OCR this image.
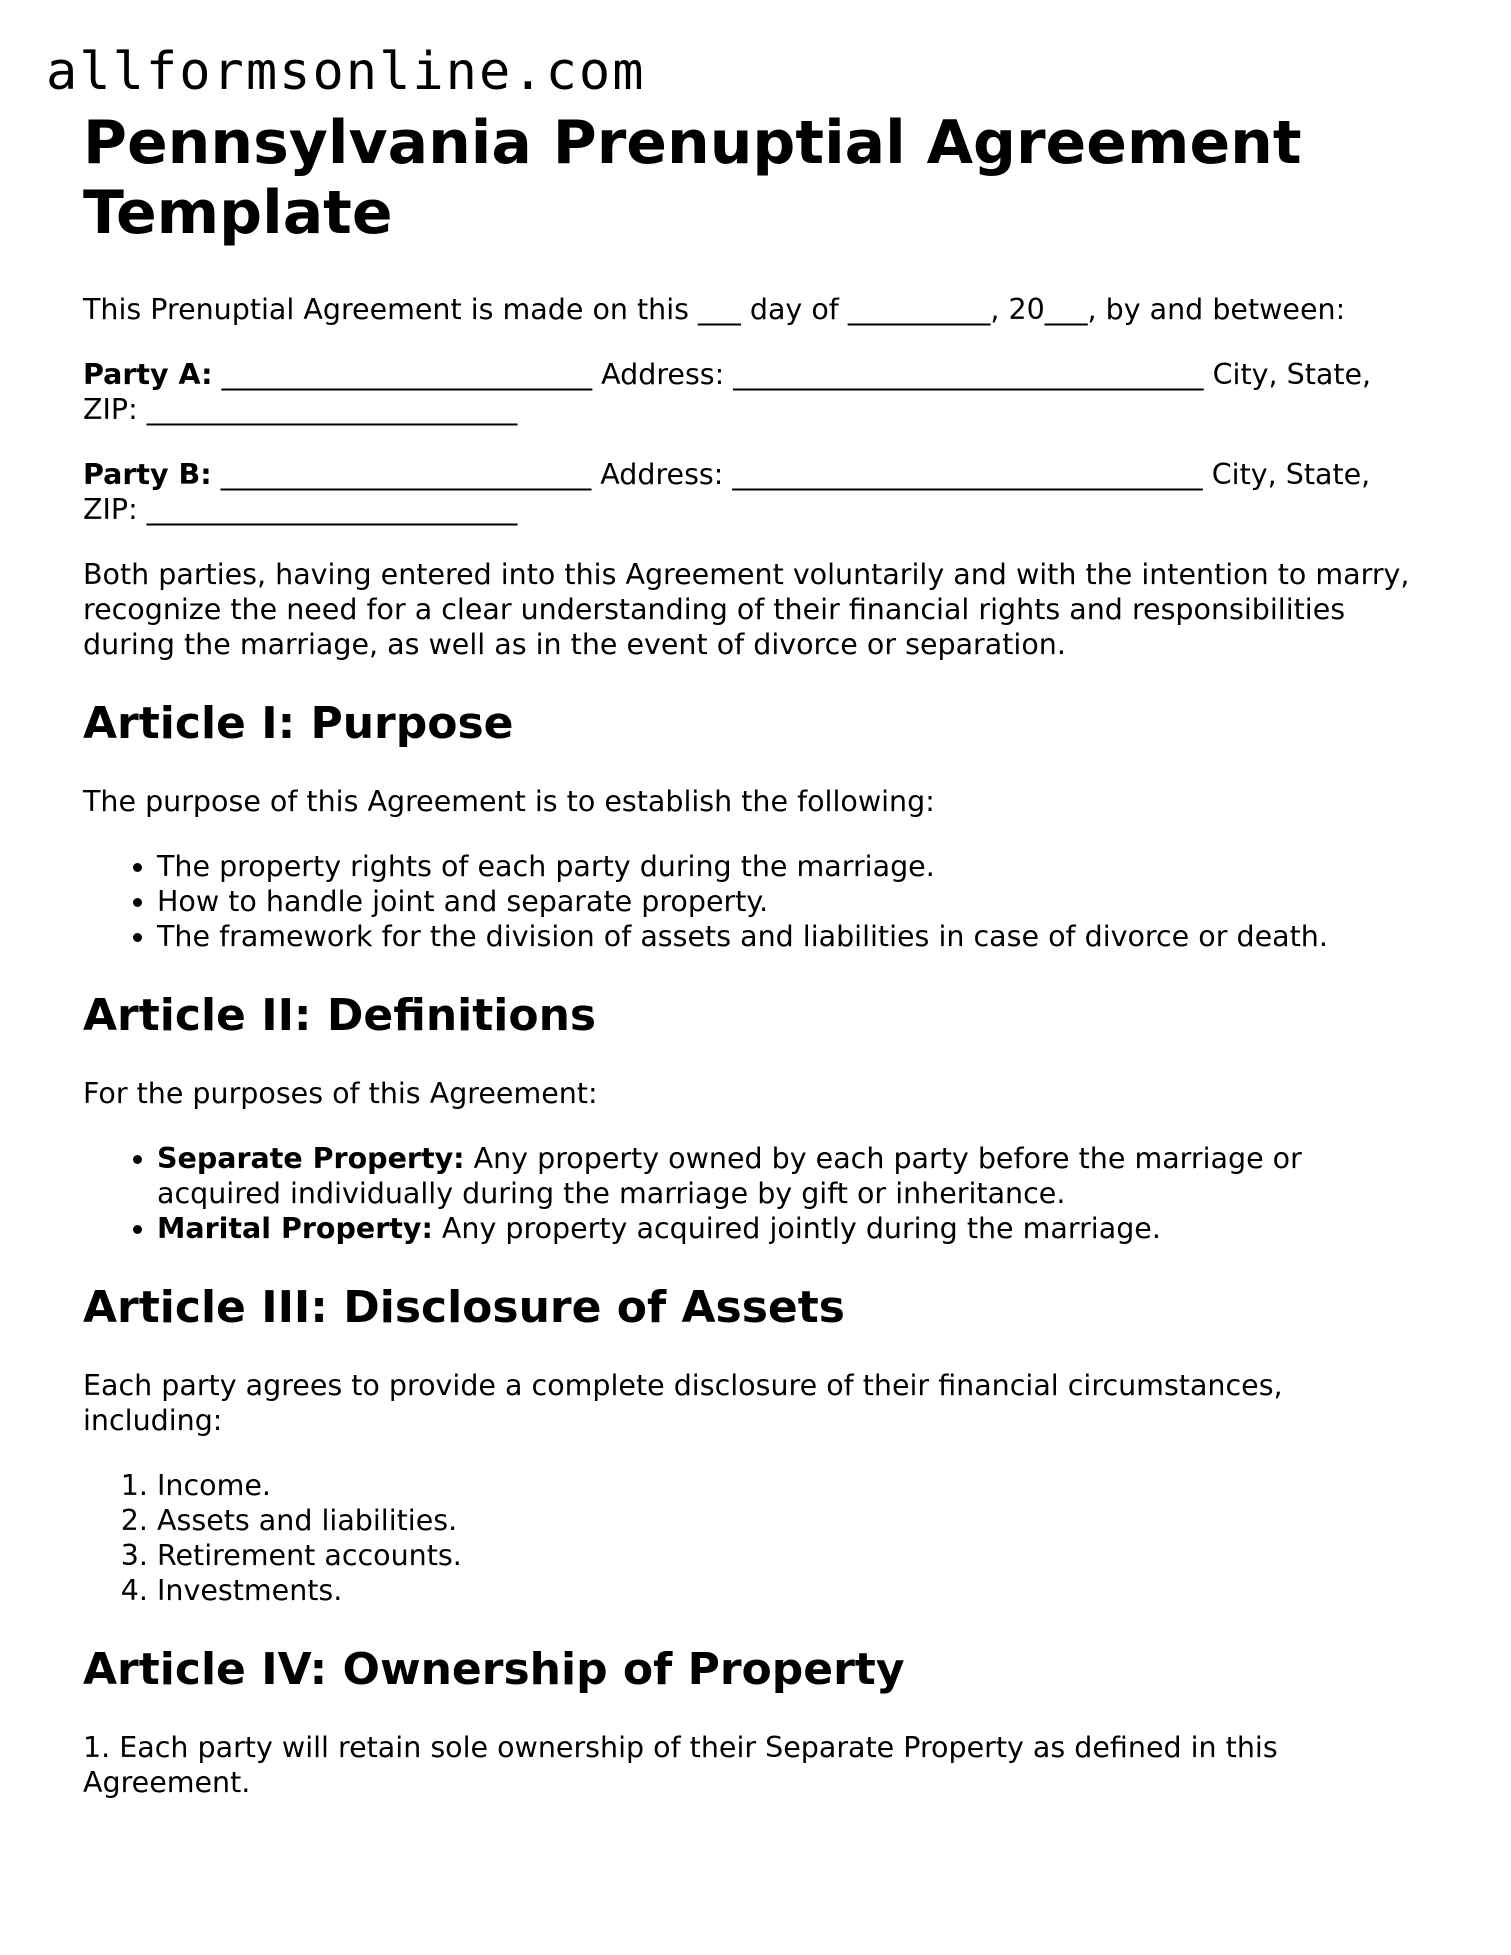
allformsonline.com
Pennsylvania Prenuptial Agreement Template

This Prenuptial Agreement is made on this ___ day of __________, 20___, by and between:

Party A: __________________________ Address: _________________________________ City, State, ZIP: __________________________

Party B: __________________________ Address: _________________________________ City, State, ZIP: __________________________

Both parties, having entered into this Agreement voluntarily and with the intention to marry, recognize the need for a clear understanding of their financial rights and responsibilities during the marriage, as well as in the event of divorce or separation.

Article I: Purpose

The purpose of this Agreement is to establish the following:

• The property rights of each party during the marriage.
• How to handle joint and separate property.
• The framework for the division of assets and liabilities in case of divorce or death.
Article II: Definitions

For the purposes of this Agreement:

• Separate Property: Any property owned by each party before the marriage or acquired individually during the marriage by gift or inheritance.
• Marital Property: Any property acquired jointly during the marriage.
Article III: Disclosure of Assets

Each party agrees to provide a complete disclosure of their financial circumstances, including:

1. Income.
2. Assets and liabilities.
3. Retirement accounts.
4. Investments.
Article IV: Ownership of Property

1. Each party will retain sole ownership of their Separate Property as defined in this Agreement.
